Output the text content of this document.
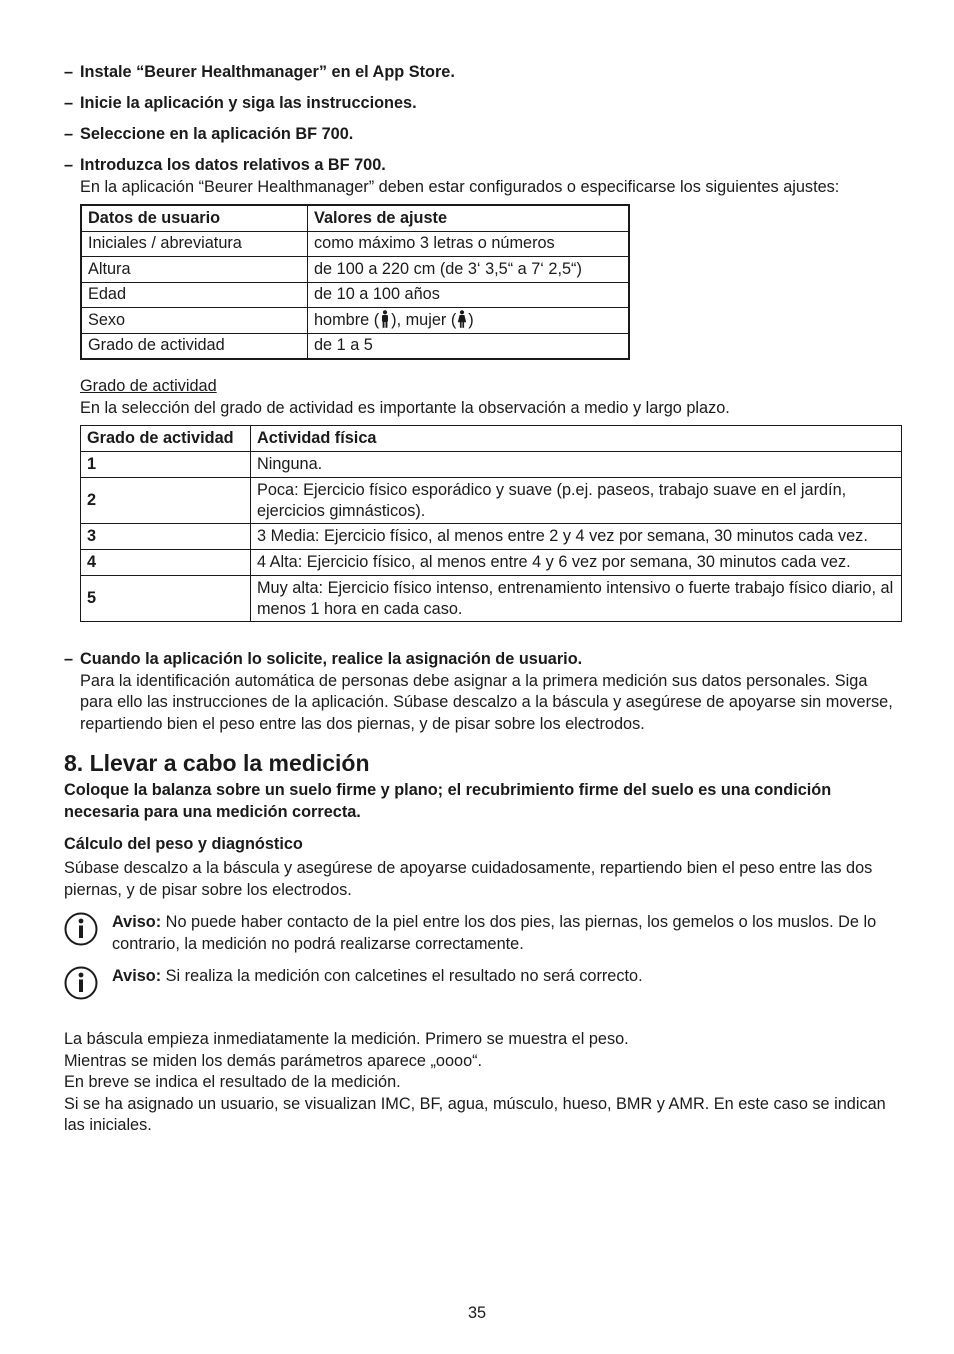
– Instale “Beurer Healthmanager” en el App Store.
– Inicie la aplicación y siga las instrucciones.
– Seleccione en la aplicación BF 700.
– Introduzca los datos relativos a BF 700.
En la aplicación “Beurer Healthmanager” deben estar configurados o especificarse los siguientes ajustes:
Datos de usuario	Valores de ajuste
Iniciales / abreviatura	como máximo 3 letras o números
Altura	de 100 a 220 cm (de 3‘ 3,5“ a 7‘ 2,5“)
Edad	de 10 a 100 años
Sexo	hombre ( ), mujer ( )
Grado de actividad	de 1 a 5
Grado de actividad
En la selección del grado de actividad es importante la observación a medio y largo plazo.
Grado de actividad	Actividad física
1	Ninguna.
2	Poca: Ejercicio físico esporádico y suave (p.ej. paseos, trabajo suave en el jardín, ejercicios gimnásticos).
3	3 Media: Ejercicio físico, al menos entre 2 y 4 vez por semana, 30 minutos cada vez.
4	4 Alta: Ejercicio físico, al menos entre 4 y 6 vez por semana, 30 minutos cada vez.
5	Muy alta: Ejercicio físico intenso, entrenamiento intensivo o fuerte trabajo físico diario, al menos 1 hora en cada caso.
– Cuando la aplicación lo solicite, realice la asignación de usuario.
Para la identificación automática de personas debe asignar a la primera medición sus datos personales. Siga para ello las instrucciones de la aplicación. Súbase descalzo a la báscula y asegúrese de apoyarse sin moverse, repartiendo bien el peso entre las dos piernas, y de pisar sobre los electrodos.
8. Llevar a cabo la medición
Coloque la balanza sobre un suelo firme y plano; el recubrimiento firme del suelo es una condición necesaria para una medición correcta.
Cálculo del peso y diagnóstico
Súbase descalzo a la báscula y asegúrese de apoyarse cuidadosamente, repartiendo bien el peso entre las dos piernas, y de pisar sobre los electrodos.
Aviso: No puede haber contacto de la piel entre los dos pies, las piernas, los gemelos o los muslos. De lo contrario, la medición no podrá realizarse correctamente.
Aviso: Si realiza la medición con calcetines el resultado no será correcto.
La báscula empieza inmediatamente la medición. Primero se muestra el peso.
Mientras se miden los demás parámetros aparece „oooo“.
En breve se indica el resultado de la medición.
Si se ha asignado un usuario, se visualizan IMC, BF, agua, músculo, hueso, BMR y AMR. En este caso se indican las iniciales.
35
